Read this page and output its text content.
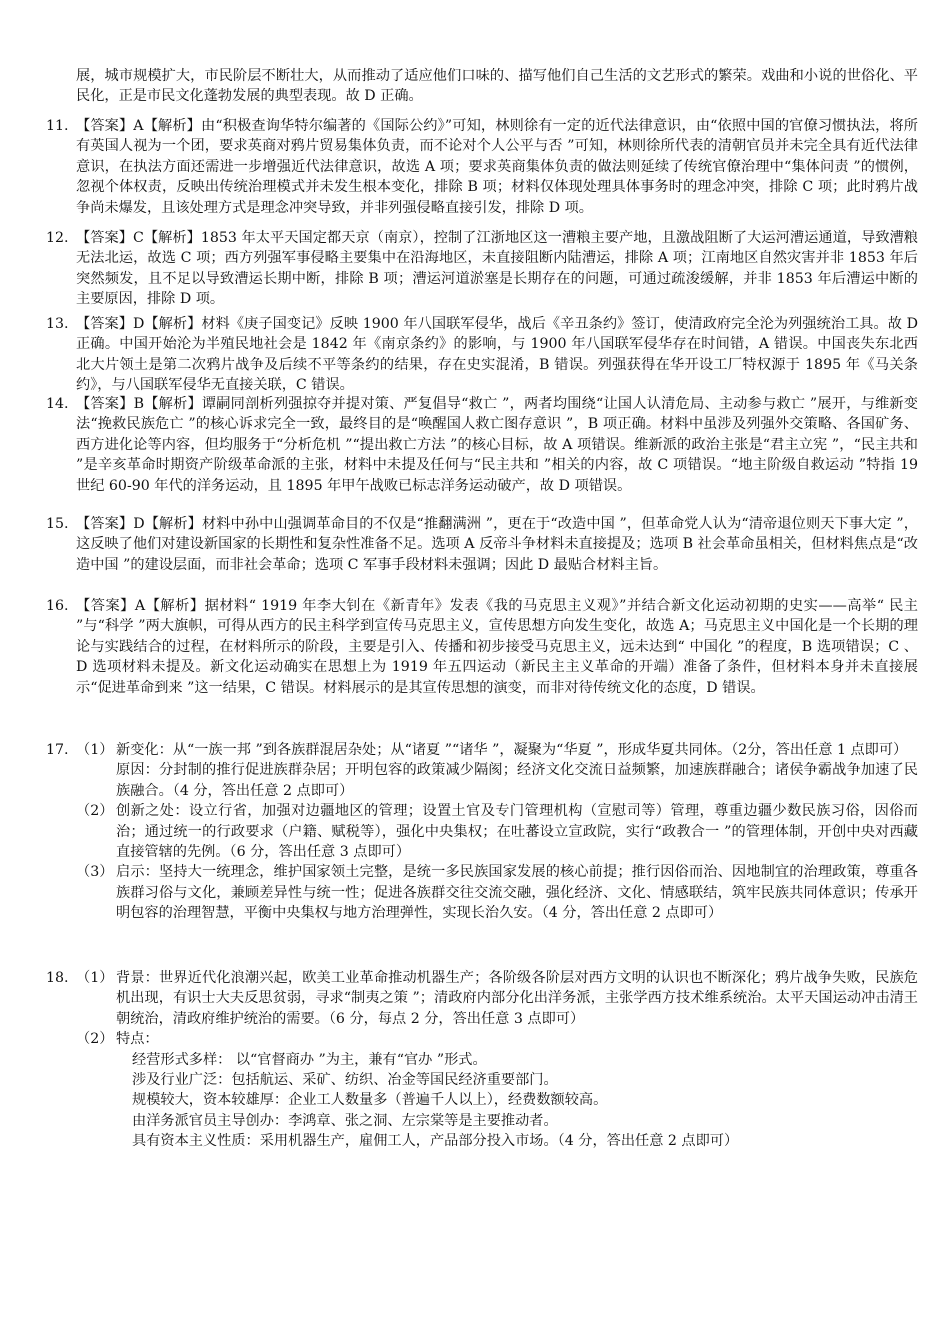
展，城市规模扩大，市民阶层不断壮大，从而推动了适应他们口味的、描写他们自己生活的文艺形式的繁荣。戏曲和小说的世俗化、平民化，正是市民文化蓬勃发展的典型表现。故 D 正确。

11. 【答案】A【解析】由“积极查询华特尔编著的《国际公约》”可知，林则徐有一定的近代法律意识，由“依照中国的官僚习惯执法，将所有英国人视为一个团，要求英商对鸦片贸易集体负责，而不论对个人公平与否 ”可知，林则徐所代表的清朝官员并未完全具有近代法律意识，在执法方面还需进一步增强近代法律意识，故选 A 项；要求英商集体负责的做法则延续了传统官僚治理中“集体问责 ”的惯例，忽视个体权责，反映出传统治理模式并未发生根本变化，排除 B 项；材料仅体现处理具体事务时的理念冲突，排除 C 项；此时鸦片战争尚未爆发，且该处理方式是理念冲突导致，并非列强侵略直接引发，排除 D 项。
12. 【答案】C【解析】1853 年太平天国定都天京（南京），控制了江浙地区这一漕粮主要产地，且激战阻断了大运河漕运通道，导致漕粮无法北运，故选 C 项；西方列强军事侵略主要集中在沿海地区，未直接阻断内陆漕运，排除 A 项；江南地区自然灾害并非 1853 年后突然频发，且不足以导致漕运长期中断，排除 B 项；漕运河道淤塞是长期存在的问题，可通过疏浚缓解，并非 1853 年后漕运中断的主要原因，排除 D 项。
13. 【答案】D【解析】材料《庚子国变记》反映 1900 年八国联军侵华，战后《辛丑条约》签订，使清政府完全沦为列强统治工具。故 D 正确。中国开始沦为半殖民地社会是 1842 年《南京条约》的影响，与 1900 年八国联军侵华存在时间错，A 错误。中国丧失东北西北大片领土是第二次鸦片战争及后续不平等条约的结果，存在史实混淆，B 错误。列强获得在华开设工厂特权源于 1895 年《马关条约》，与八国联军侵华无直接关联，C 错误。
14. 【答案】B【解析】谭嗣同剖析列强掠夺并提对策、严复倡导“救亡 ”，两者均围绕“让国人认清危局、主动参与救亡 ”展开，与维新变法“挽救民族危亡 ”的核心诉求完全一致，最终目的是“唤醒国人救亡图存意识 ”，B 项正确。材料中虽涉及列强外交策略、各国矿务、西方进化论等内容，但均服务于“分析危机 ”“提出救亡方法 ”的核心目标，故 A 项错误。维新派的政治主张是“君主立宪 ”，“民主共和 ”是辛亥革命时期资产阶级革命派的主张，材料中未提及任何与“民主共和 ”相关的内容，故 C 项错误。“地主阶级自救运动 ”特指 19 世纪 60-90 年代的洋务运动，且 1895 年甲午战败已标志洋务运动破产，故 D 项错误。
15. 【答案】D【解析】材料中孙中山强调革命目的不仅是“推翻满洲 ”，更在于“改造中国 ”，但革命党人认为“清帝退位则天下事大定 ”，这反映了他们对建设新国家的长期性和复杂性准备不足。选项 A 反帝斗争材料未直接提及；选项 B 社会革命虽相关，但材料焦点是“改造中国 ”的建设层面，而非社会革命；选项 C 军事手段材料未强调；因此 D 最贴合材料主旨。
16. 【答案】A【解析】据材料“ 1919 年李大钊在《新青年》发表《我的马克思主义观》”并结合新文化运动初期的史实——高举“ 民主 ”与“科学 ”两大旗帜，可得从西方的民主科学到宣传马克思主义，宣传思想方向发生变化，故选 A；马克思主义中国化是一个长期的理论与实践结合的过程，在材料所示的阶段，主要是引入、传播和初步接受马克思主义，远未达到“ 中国化 ”的程度，B 选项错误；C 、D 选项材料未提及。新文化运动确实在思想上为 1919 年五四运动（新民主主义革命的开端）准备了条件，但材料本身并未直接展示“促进革命到来 ”这一结果，C 错误。材料展示的是其宣传思想的演变，而非对待传统文化的态度，D 错误。
17. （1） 新变化：从“一族一邦 ”到各族群混居杂处；从“诸夏 ”“诸华 ”，凝聚为“华夏 ”，形成华夏共同体。（2分，答出任意 1 点即可）
原因：分封制的推行促进族群杂居；开明包容的政策减少隔阂；经济文化交流日益频繁，加速族群融合；诸侯争霸战争加速了民族融合。（4 分，答出任意 2 点即可）
（2） 创新之处：设立行省，加强对边疆地区的管理；设置土官及专门管理机构（宣慰司等）管理，尊重边疆少数民族习俗，因俗而治；通过统一的行政要求（户籍、赋税等），强化中央集权；在吐蕃设立宣政院，实行“政教合一 ”的管理体制，开创中央对西藏直接管辖的先例。（6 分，答出任意 3 点即可）
（3） 启示：坚持大一统理念，维护国家领土完整，是统一多民族国家发展的核心前提；推行因俗而治、因地制宜的治理政策，尊重各族群习俗与文化，兼顾差异性与统一性；促进各族群交往交流交融，强化经济、文化、情感联结，筑牢民族共同体意识；传承开明包容的治理智慧，平衡中央集权与地方治理弹性，实现长治久安。（4 分，答出任意 2 点即可）
18. （1） 背景：世界近代化浪潮兴起，欧美工业革命推动机器生产；各阶级各阶层对西方文明的认识也不断深化；鸦片战争失败，民族危机出现，有识士大夫反思贫弱，寻求“制夷之策 ”；清政府内部分化出洋务派，主张学西方技术维系统治。太平天国运动冲击清王朝统治，清政府维护统治的需要。（6 分，每点 2 分，答出任意 3 点即可）
（2） 特点：
经营形式多样： 以“官督商办 ”为主，兼有“官办 ”形式。
涉及行业广泛：包括航运、采矿、纺织、冶金等国民经济重要部门。
规模较大，资本较雄厚：企业工人数量多（普遍千人以上），经费数额较高。
由洋务派官员主导创办：李鸿章、张之洞、左宗棠等是主要推动者。
具有资本主义性质：采用机器生产，雇佣工人，产品部分投入市场。（4 分，答出任意 2 点即可）
